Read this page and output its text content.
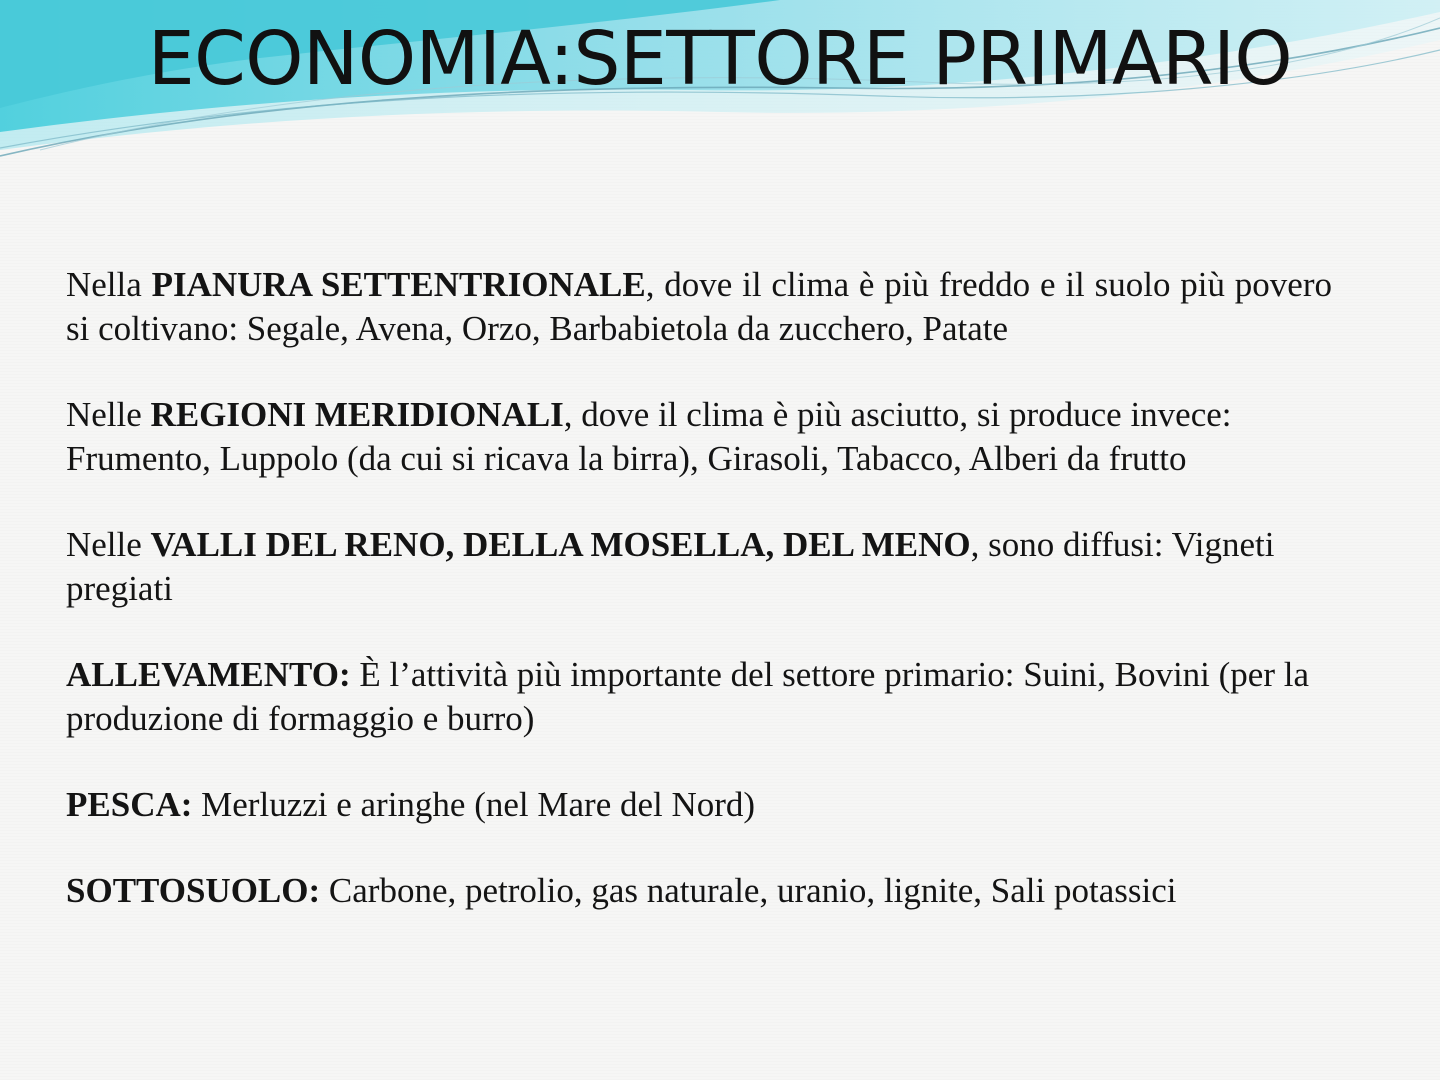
ECONOMIA:SETTORE PRIMARIO

Nella PIANURA SETTENTRIONALE, dove il clima è più freddo e il suolo più povero si coltivano: Segale, Avena, Orzo, Barbabietola da zucchero, Patate

Nelle REGIONI MERIDIONALI, dove il clima è più asciutto, si produce invece: Frumento, Luppolo (da cui si ricava la birra), Girasoli, Tabacco, Alberi da frutto

Nelle VALLI DEL RENO, DELLA MOSELLA, DEL MENO, sono diffusi: Vigneti pregiati

ALLEVAMENTO: È l’attività più importante del settore primario: Suini, Bovini (per la produzione di formaggio e burro)

PESCA: Merluzzi e aringhe (nel Mare del Nord)

SOTTOSUOLO: Carbone, petrolio, gas naturale, uranio, lignite, Sali potassici
